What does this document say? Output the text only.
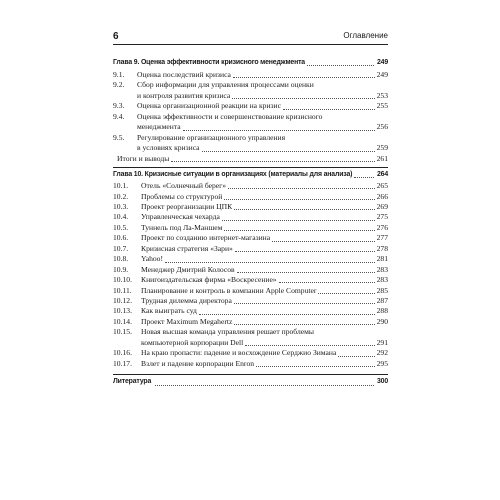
6	Оглавление
Глава 9. Оценка эффективности кризисного менеджмента	249
9.1. Оценка последствий кризиса	249
9.2. Сбор информации для управления процессами оценки
и контроля развития кризиса	253
9.3. Оценка организационной реакции на кризис	255
9.4. Оценка эффективности и совершенствование кризисного
менеджмента	256
9.5. Регулирование организационного управления
в условиях кризиса	259
Итоги и выводы	261
Глава 10. Кризисные ситуации в организациях (материалы для анализа)	264
10.1. Отель «Солнечный берег»	265
10.2. Проблемы со структурой	266
10.3. Проект реорганизации ЦПК	269
10.4. Управленческая чехарда	275
10.5. Туннель под Ла-Маншем	276
10.6. Проект по созданию интернет-магазина	277
10.7. Кризисная стратегия «Зари»	278
10.8. Yahoo!	281
10.9. Менеджер Дмитрий Колосов	283
10.10. Книгоиздательская фирма «Воскресение»	283
10.11. Планирование и контроль в компании Apple Computer	285
10.12. Трудная дилемма директора	287
10.13. Как выиграть суд	288
10.14. Проект Maximum Megahertz	290
10.15. Новая высшая команда управления решает проблемы
компьютерной корпорации Dell	291
10.16. На краю пропасти: падение и восхождение Серджио Зимана	292
10.17. Взлет и падение корпорации Enron	295
Литература	300
